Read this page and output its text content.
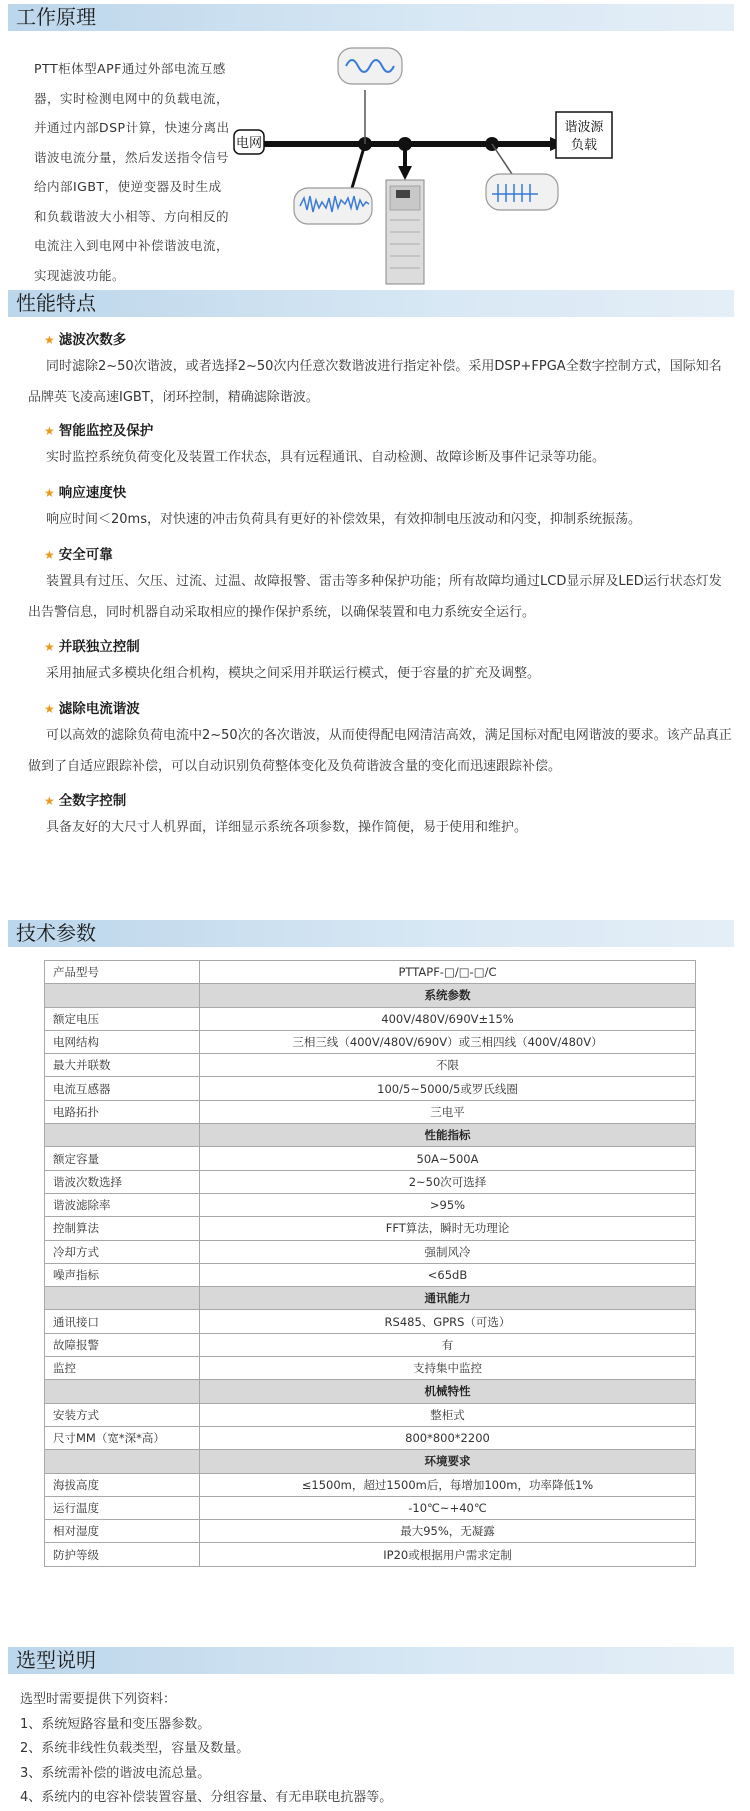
工作原理
PTT柜体型APF通过外部电流互感器，实时检测电网中的负载电流，并通过内部DSP计算，快速分离出谐波电流分量，然后发送指令信号给内部IGBT，使逆变器及时生成和负载谐波大小相等、方向相反的电流注入到电网中补偿谐波电流，实现滤波功能。
电网
谐波源
负载
性能特点
★ 滤波次数多
同时滤除2~50次谐波，或者选择2~50次内任意次数谐波进行指定补偿。采用DSP+FPGA全数字控制方式，国际知名品牌英飞凌高速IGBT，闭环控制，精确滤除谐波。
★ 智能监控及保护
实时监控系统负荷变化及装置工作状态，具有远程通讯、自动检测、故障诊断及事件记录等功能。
★ 响应速度快
响应时间＜20ms，对快速的冲击负荷具有更好的补偿效果，有效抑制电压波动和闪变，抑制系统振荡。
★ 安全可靠
装置具有过压、欠压、过流、过温、故障报警、雷击等多种保护功能；所有故障均通过LCD显示屏及LED运行状态灯发出告警信息，同时机器自动采取相应的操作保护系统，以确保装置和电力系统安全运行。
★ 并联独立控制
采用抽屉式多模块化组合机构，模块之间采用并联运行模式，便于容量的扩充及调整。
★ 滤除电流谐波
可以高效的滤除负荷电流中2~50次的各次谐波，从而使得配电网清洁高效，满足国标对配电网谐波的要求。该产品真正做到了自适应跟踪补偿，可以自动识别负荷整体变化及负荷谐波含量的变化而迅速跟踪补偿。
★ 全数字控制
具备友好的大尺寸人机界面，详细显示系统各项参数，操作简便，易于使用和维护。
技术参数
产品型号	PTTAPF-□/□-□/C
	系统参数
额定电压	400V/480V/690V±15%
电网结构	三相三线（400V/480V/690V）或三相四线（400V/480V）
最大并联数	不限
电流互感器	100/5~5000/5或罗氏线圈
电路拓扑	三电平
	性能指标
额定容量	50A~500A
谐波次数选择	2~50次可选择
谐波滤除率	>95%
控制算法	FFT算法，瞬时无功理论
冷却方式	强制风冷
噪声指标	<65dB
	通讯能力
通讯接口	RS485、GPRS（可选）
故障报警	有
监控	支持集中监控
	机械特性
安装方式	整柜式
尺寸MM（宽*深*高）	800*800*2200
	环境要求
海拔高度	≤1500m，超过1500m后，每增加100m，功率降低1%
运行温度	-10℃~+40℃
相对湿度	最大95%，无凝露
防护等级	IP20或根据用户需求定制
选型说明
选型时需要提供下列资料：
1、系统短路容量和变压器参数。
2、系统非线性负载类型，容量及数量。
3、系统需补偿的谐波电流总量。
4、系统内的电容补偿装置容量、分组容量、有无串联电抗器等。
